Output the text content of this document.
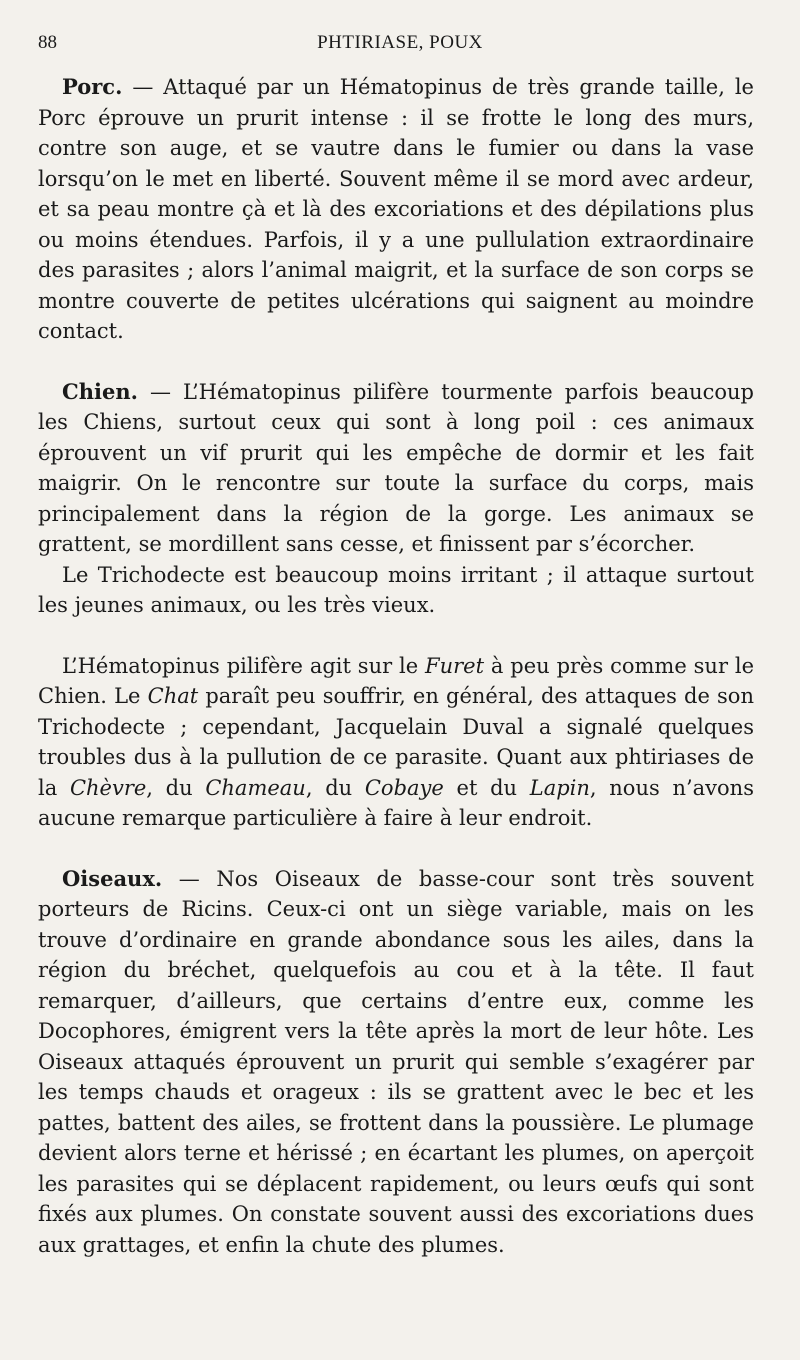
88	PHTIRIASE, POUX

Porc. — Attaqué par un Hématopinus de très grande taille, le Porc éprouve un prurit intense : il se frotte le long des murs, contre son auge, et se vautre dans le fumier ou dans la vase lorsqu’on le met en liberté. Souvent même il se mord avec ardeur, et sa peau montre çà et là des excoriations et des dépilations plus ou moins étendues. Parfois, il y a une pullulation extraordinaire des parasites ; alors l’animal maigrit, et la surface de son corps se montre couverte de petites ulcérations qui saignent au moindre contact.

Chien. — L’Hématopinus pilifère tourmente parfois beaucoup les Chiens, surtout ceux qui sont à long poil : ces animaux éprouvent un vif prurit qui les empêche de dormir et les fait maigrir. On le rencontre sur toute la surface du corps, mais principalement dans la région de la gorge. Les animaux se grattent, se mordillent sans cesse, et finissent par s’écorcher.

Le Trichodecte est beaucoup moins irritant ; il attaque surtout les jeunes animaux, ou les très vieux.

L’Hématopinus pilifère agit sur le Furet à peu près comme sur le Chien. Le Chat paraît peu souffrir, en général, des attaques de son Trichodecte ; cependant, Jacquelain Duval a signalé quelques troubles dus à la pullution de ce parasite. Quant aux phtiriases de la Chèvre, du Chameau, du Cobaye et du Lapin, nous n’avons aucune remarque particulière à faire à leur endroit.

Oiseaux. — Nos Oiseaux de basse-cour sont très souvent porteurs de Ricins. Ceux-ci ont un siège variable, mais on les trouve d’ordinaire en grande abondance sous les ailes, dans la région du bréchet, quelquefois au cou et à la tête. Il faut remarquer, d’ailleurs, que certains d’entre eux, comme les Docophores, émigrent vers la tête après la mort de leur hôte. Les Oiseaux attaqués éprouvent un prurit qui semble s’exagérer par les temps chauds et orageux : ils se grattent avec le bec et les pattes, battent des ailes, se frottent dans la poussière. Le plumage devient alors terne et hérissé ; en écartant les plumes, on aperçoit les parasites qui se déplacent rapidement, ou leurs œufs qui sont fixés aux plumes. On constate souvent aussi des excoriations dues aux grattages, et enfin la chute des plumes.
